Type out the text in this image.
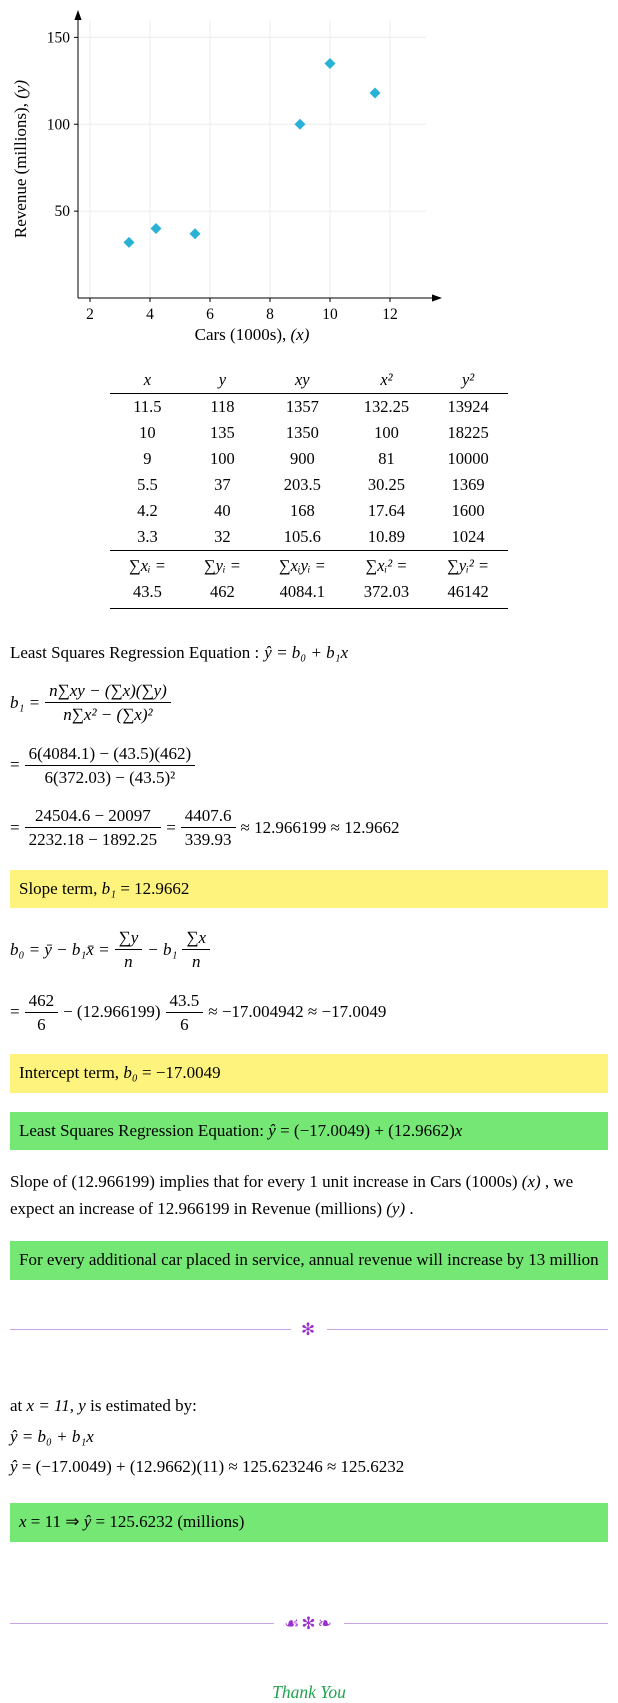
2	4	6	8	10	12
50
100
150
Cars (1000s), (x)
Revenue (millions), (y)
x	y	xy	x²	y²
11.5	118	1357	132.25	13924
10	135	1350	100	18225
9	100	900	81	10000
5.5	37	203.5	30.25	1369
4.2	40	168	17.64	1600
3.3	32	105.6	10.89	1024
∑xᵢ =	∑yᵢ =	∑xᵢyᵢ =	∑xᵢ² =	∑yᵢ² =
43.5	462	4084.1	372.03	46142
Least Squares Regression Equation : ŷ = b₀ + b₁x
$b_1 = \frac{n\sum xy - (\sum x)(\sum y)}{\text{n∑x² − (∑x)²}}$
= $\frac{6(4084.1) - (43.5)(462)}{\text{6(372.03) − (43.5)²}}$
= $\frac{24504.6 - 20097}{2232.18 - 1892.25} = \frac{4407.6}{339.93} \approx 12.966199 \approx 12.9662$
Slope term, b₁ = 12.9662
b₀ = ȳ − b₁x̄ = $\frac{\sum y}{n} - b_1 \frac{\sum x}{n}$
= $\frac{462}{6} - (12.966199) \frac{43.5}{6} \approx -17.004942 \approx -17.0049$
Intercept term, b₀ = −17.0049
Least Squares Regression Equation: ŷ = (−17.0049) + (12.9662)x

Slope of (12.966199) implies that for every 1 unit increase in Cars (1000s) (x) , we expect an increase of 12.966199 in Revenue (millions) (y) .

For every additional car placed in service, annual revenue will increase by 13 million
✻
at x = 11, y is estimated by:
ŷ = b₀ + b₁x
ŷ = (−17.0049) + (12.9662)(11) ≈ 125.623246 ≈ 125.6232
x = 11 ⇒ ŷ = 125.6232 (millions)
☙✻❧
Thank You
